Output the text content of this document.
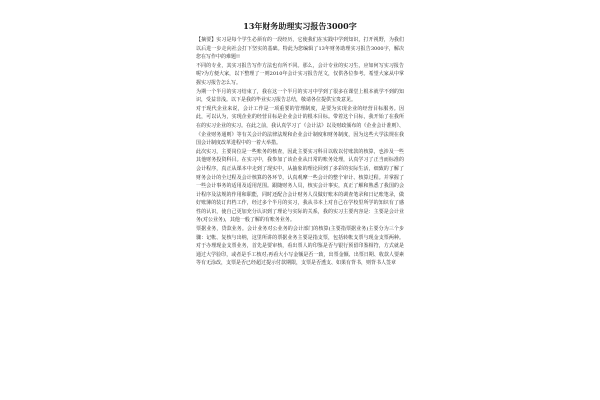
13年财务助理实习报告3000字

【摘要】实习是每个学生必须有的一段经历，它使我们在实践中学到知识，打开视野，为我们以后进一步走向社会打下坚实的基础。特此为您编辑了13年财务助理实习报告3000字，解决您在写作中的难题!!

不同的专业，其实习报告写作方法也有所不同。那么，会计专业的实习生，应如何写实习报告呢?为方便大家，以下整理了一则2010年会计实习报告范文，仅供各位参考。希望大家从中掌握实习报告怎么写。

为期一个半月的实习结束了，我在这一个半月的实习中学到了很多在课堂上根本就学不到的知识，受益非浅。以下是我的毕业实习报告总结，敬请各位提供宝贵意见。

对于现代企业来说，会计工作是一项重要的管理制度，是要为实现企业的经营目标服务。因此，可以认为，实现企业的经营目标是企业会计的根本目标。带着这个目标，我开始了在我所在的实习企业的实习。在此之前，我认真学习了《会计法》以及财政颁布的《企业会计准则》、《企业财务通则》等有关会计的法律法规和企业会计制度和财务制度，因为这些大学法规在我国会计制度改革进程中的一着大举措。

此次实习，主要岗位是一些账务的核查，因此主要实习科目以收以付账款的核算，也涉及一些其他财务投资科目。在实习中，我参加了该企业从日常的账务处理，认真学习了正当而标准的会计程序，真正从课本中走到了现实中，从抽象的理论回到了多彩的实际生活，细致的了解了财务会计的全过程及会计核算的各环节，认真观摩一些会计的整个审计、核算过程。并掌握了一些会计事务的适用及适用范围。跟随财务人员，核实会计事实，真正了解和熟悉了我国的会计程序及法规的作用和职能，同时还配合会计财务人员做好账本的调查笔录和日记账笔录，做好账簿的装订归档工作，经过多个半月的实习，我从书本上对自己在学校里所学的知识有了感性的认识，使自己更加充分认识到了理论与实际的关系，我的实习主要内容是：主要是会计业务(对公业务)，其他一般了解的有账务业务。

票据业务，贷款业务。会计业务对公业务的会计部门的核算(主要指票据业务)主要分为三个步骤：记帐、复核与出纳，这里所讲的票据业务主要是指支票，包括转帐支票与现金支票两种。对于办理现金支票业务，首先是要审核，看出票人的印鉴是否与银行预留印鉴相符，方式就是通过大学验印，或者是手工核对;再看大小写金额是否一致，出票金额、出票日期、收款人要素等有无涂改，支票是否已经超过提示付款期限，支票是否透支、如果有背书，则背书人签章
